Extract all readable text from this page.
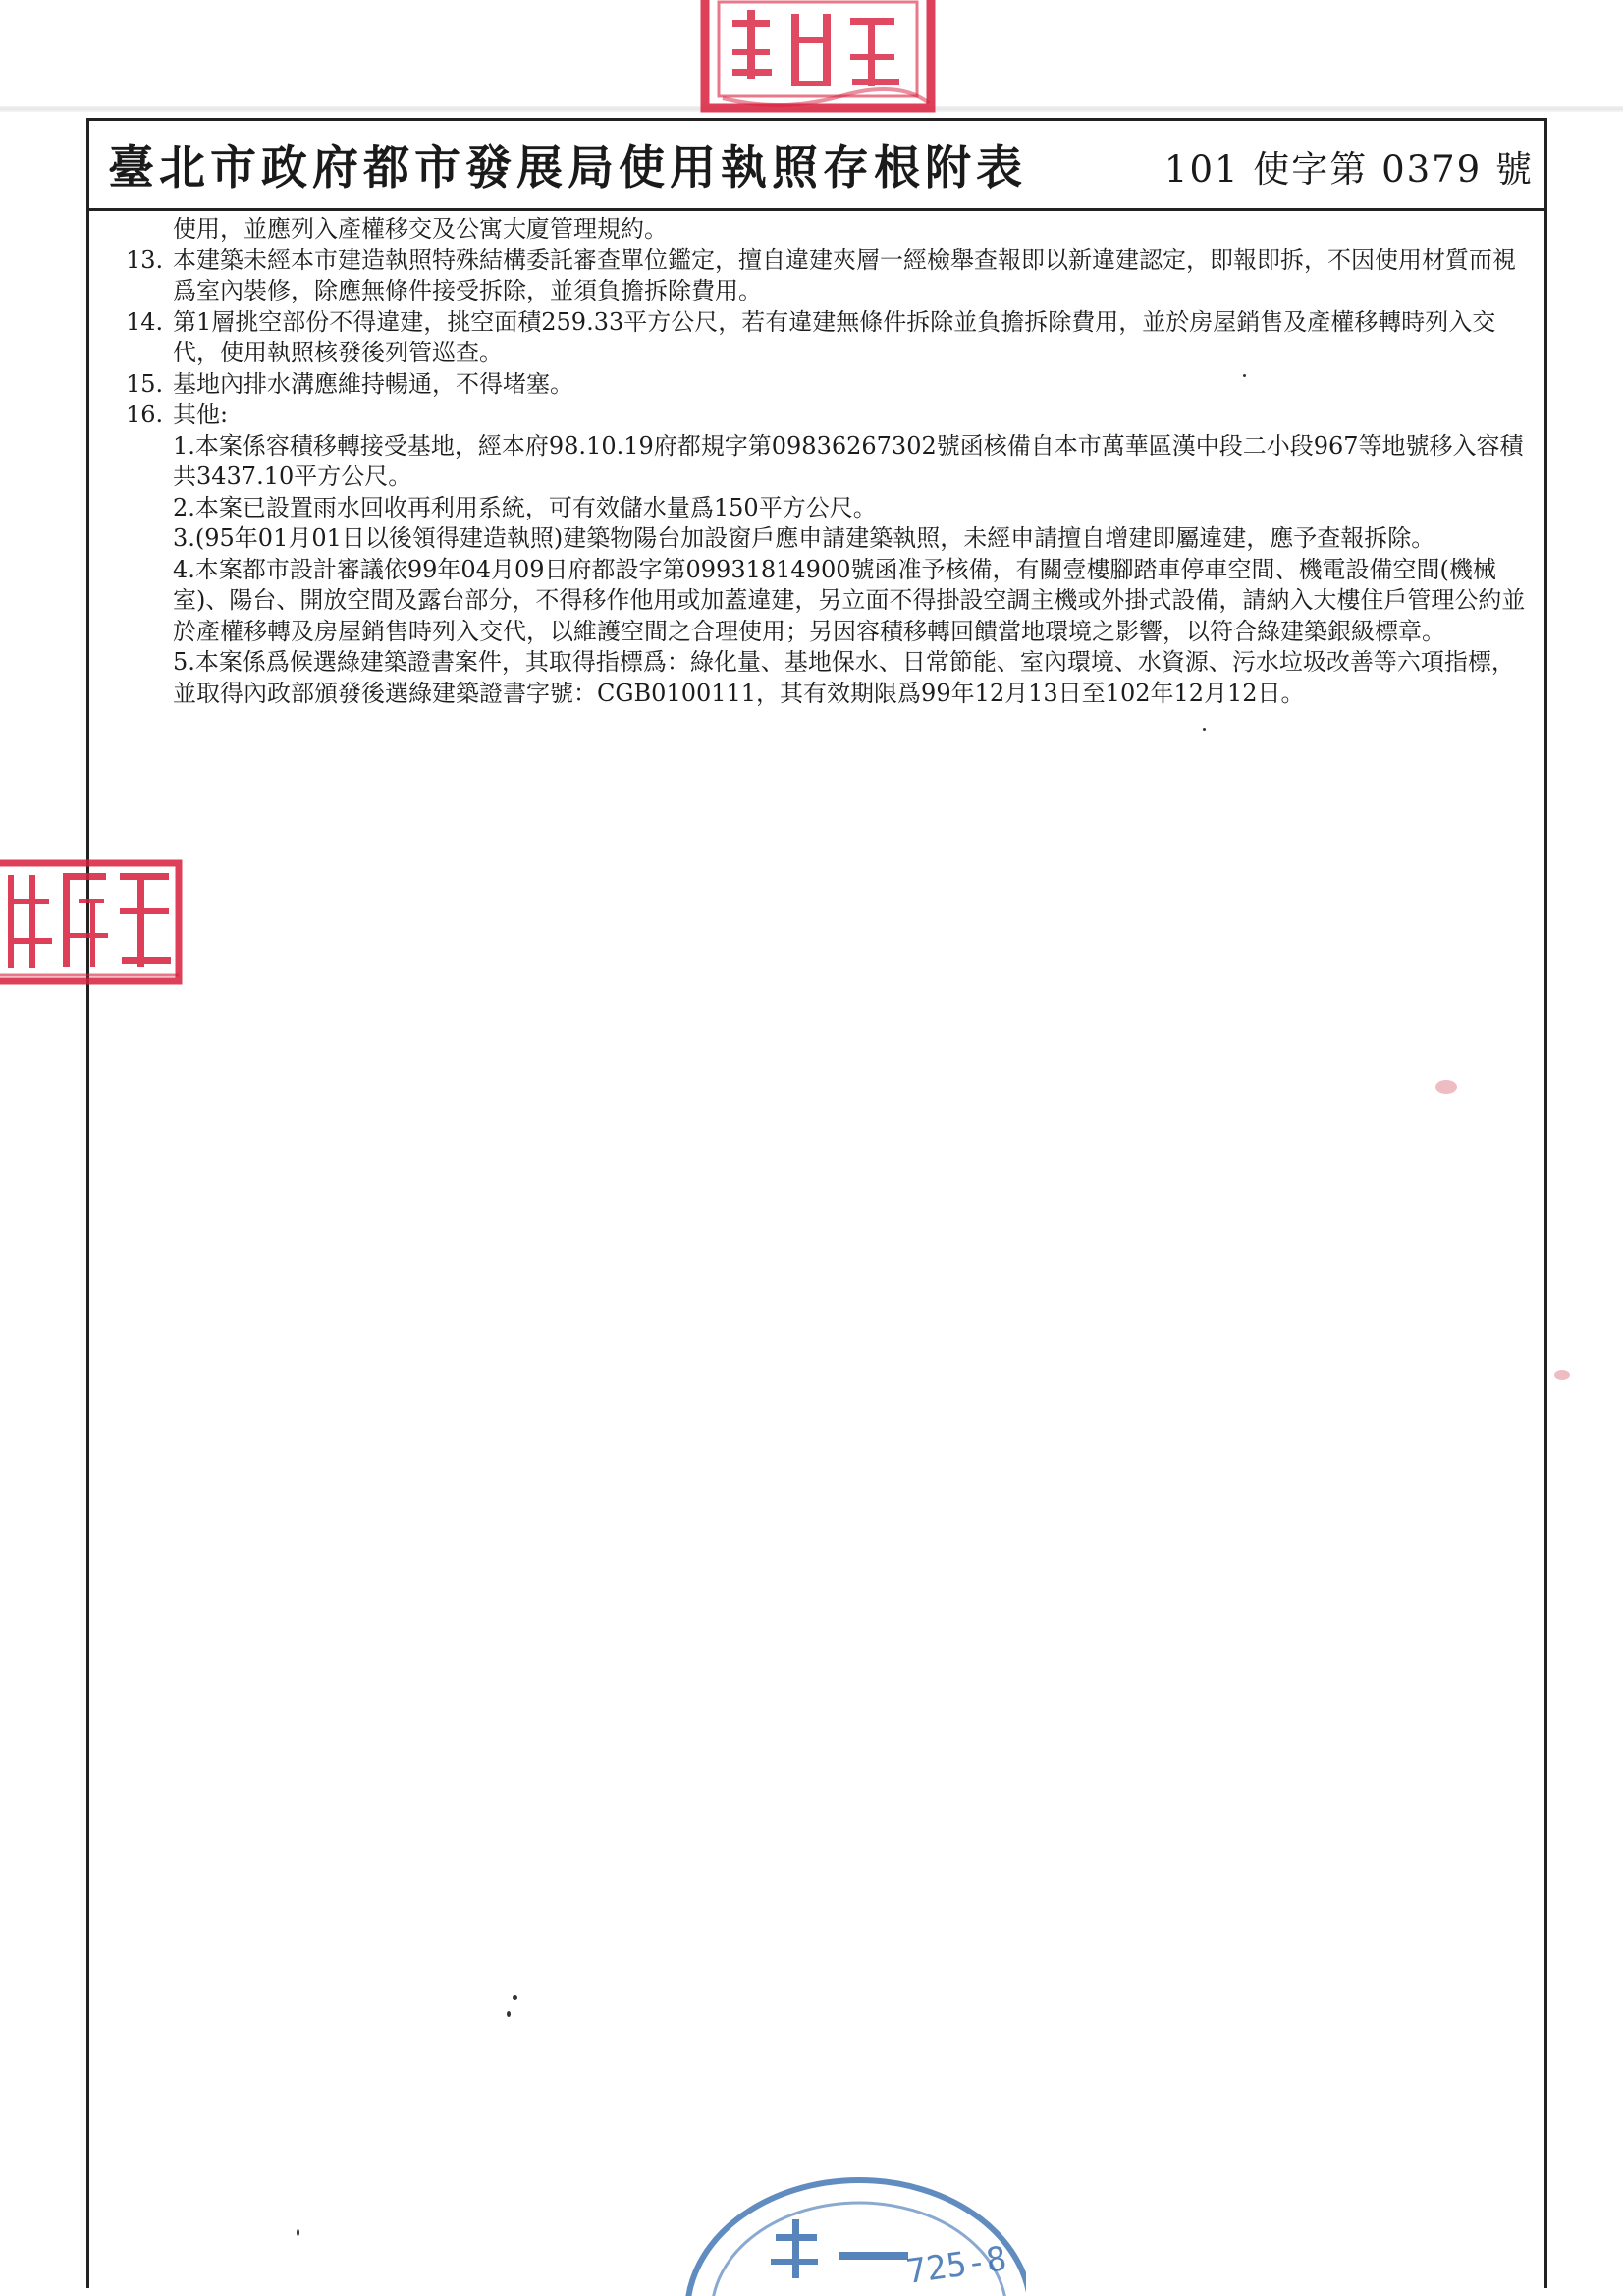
臺北市政府都市發展局使用執照存根附表	101 使字第 0379 號
使用，並應列入產權移交及公寓大廈管理規約。
13. 本建築未經本市建造執照特殊結構委託審查單位鑑定，擅自違建夾層一經檢舉查報即以新違建認定，即報即拆，不因使用材質而視爲室內裝修，除應無條件接受拆除，並須負擔拆除費用。
14. 第1層挑空部份不得違建，挑空面積259.33平方公尺，若有違建無條件拆除並負擔拆除費用，並於房屋銷售及產權移轉時列入交代，使用執照核發後列管巡查。
15. 基地內排水溝應維持暢通，不得堵塞。
16. 其他:
1.本案係容積移轉接受基地，經本府98.10.19府都規字第09836267302號函核備自本市萬華區漢中段二小段967等地號移入容積共3437.10平方公尺。
2.本案已設置雨水回收再利用系統，可有效儲水量爲150平方公尺。
3.(95年01月01日以後領得建造執照)建築物陽台加設窗戶應申請建築執照，未經申請擅自增建即屬違建，應予查報拆除。
4.本案都市設計審議依99年04月09日府都設字第09931814900號函准予核備，有關壹樓腳踏車停車空間、機電設備空間(機械室)、陽台、開放空間及露台部分，不得移作他用或加蓋違建，另立面不得掛設空調主機或外掛式設備，請納入大樓住戶管理公約並於產權移轉及房屋銷售時列入交代，以維護空間之合理使用；另因容積移轉回饋當地環境之影響，以符合綠建築銀級標章。
5.本案係爲候選綠建築證書案件，其取得指標爲：綠化量、基地保水、日常節能、室內環境、水資源、污水垃圾改善等六項指標，並取得內政部頒發後選綠建築證書字號：CGB0100111，其有效期限爲99年12月13日至102年12月12日。
725-8
